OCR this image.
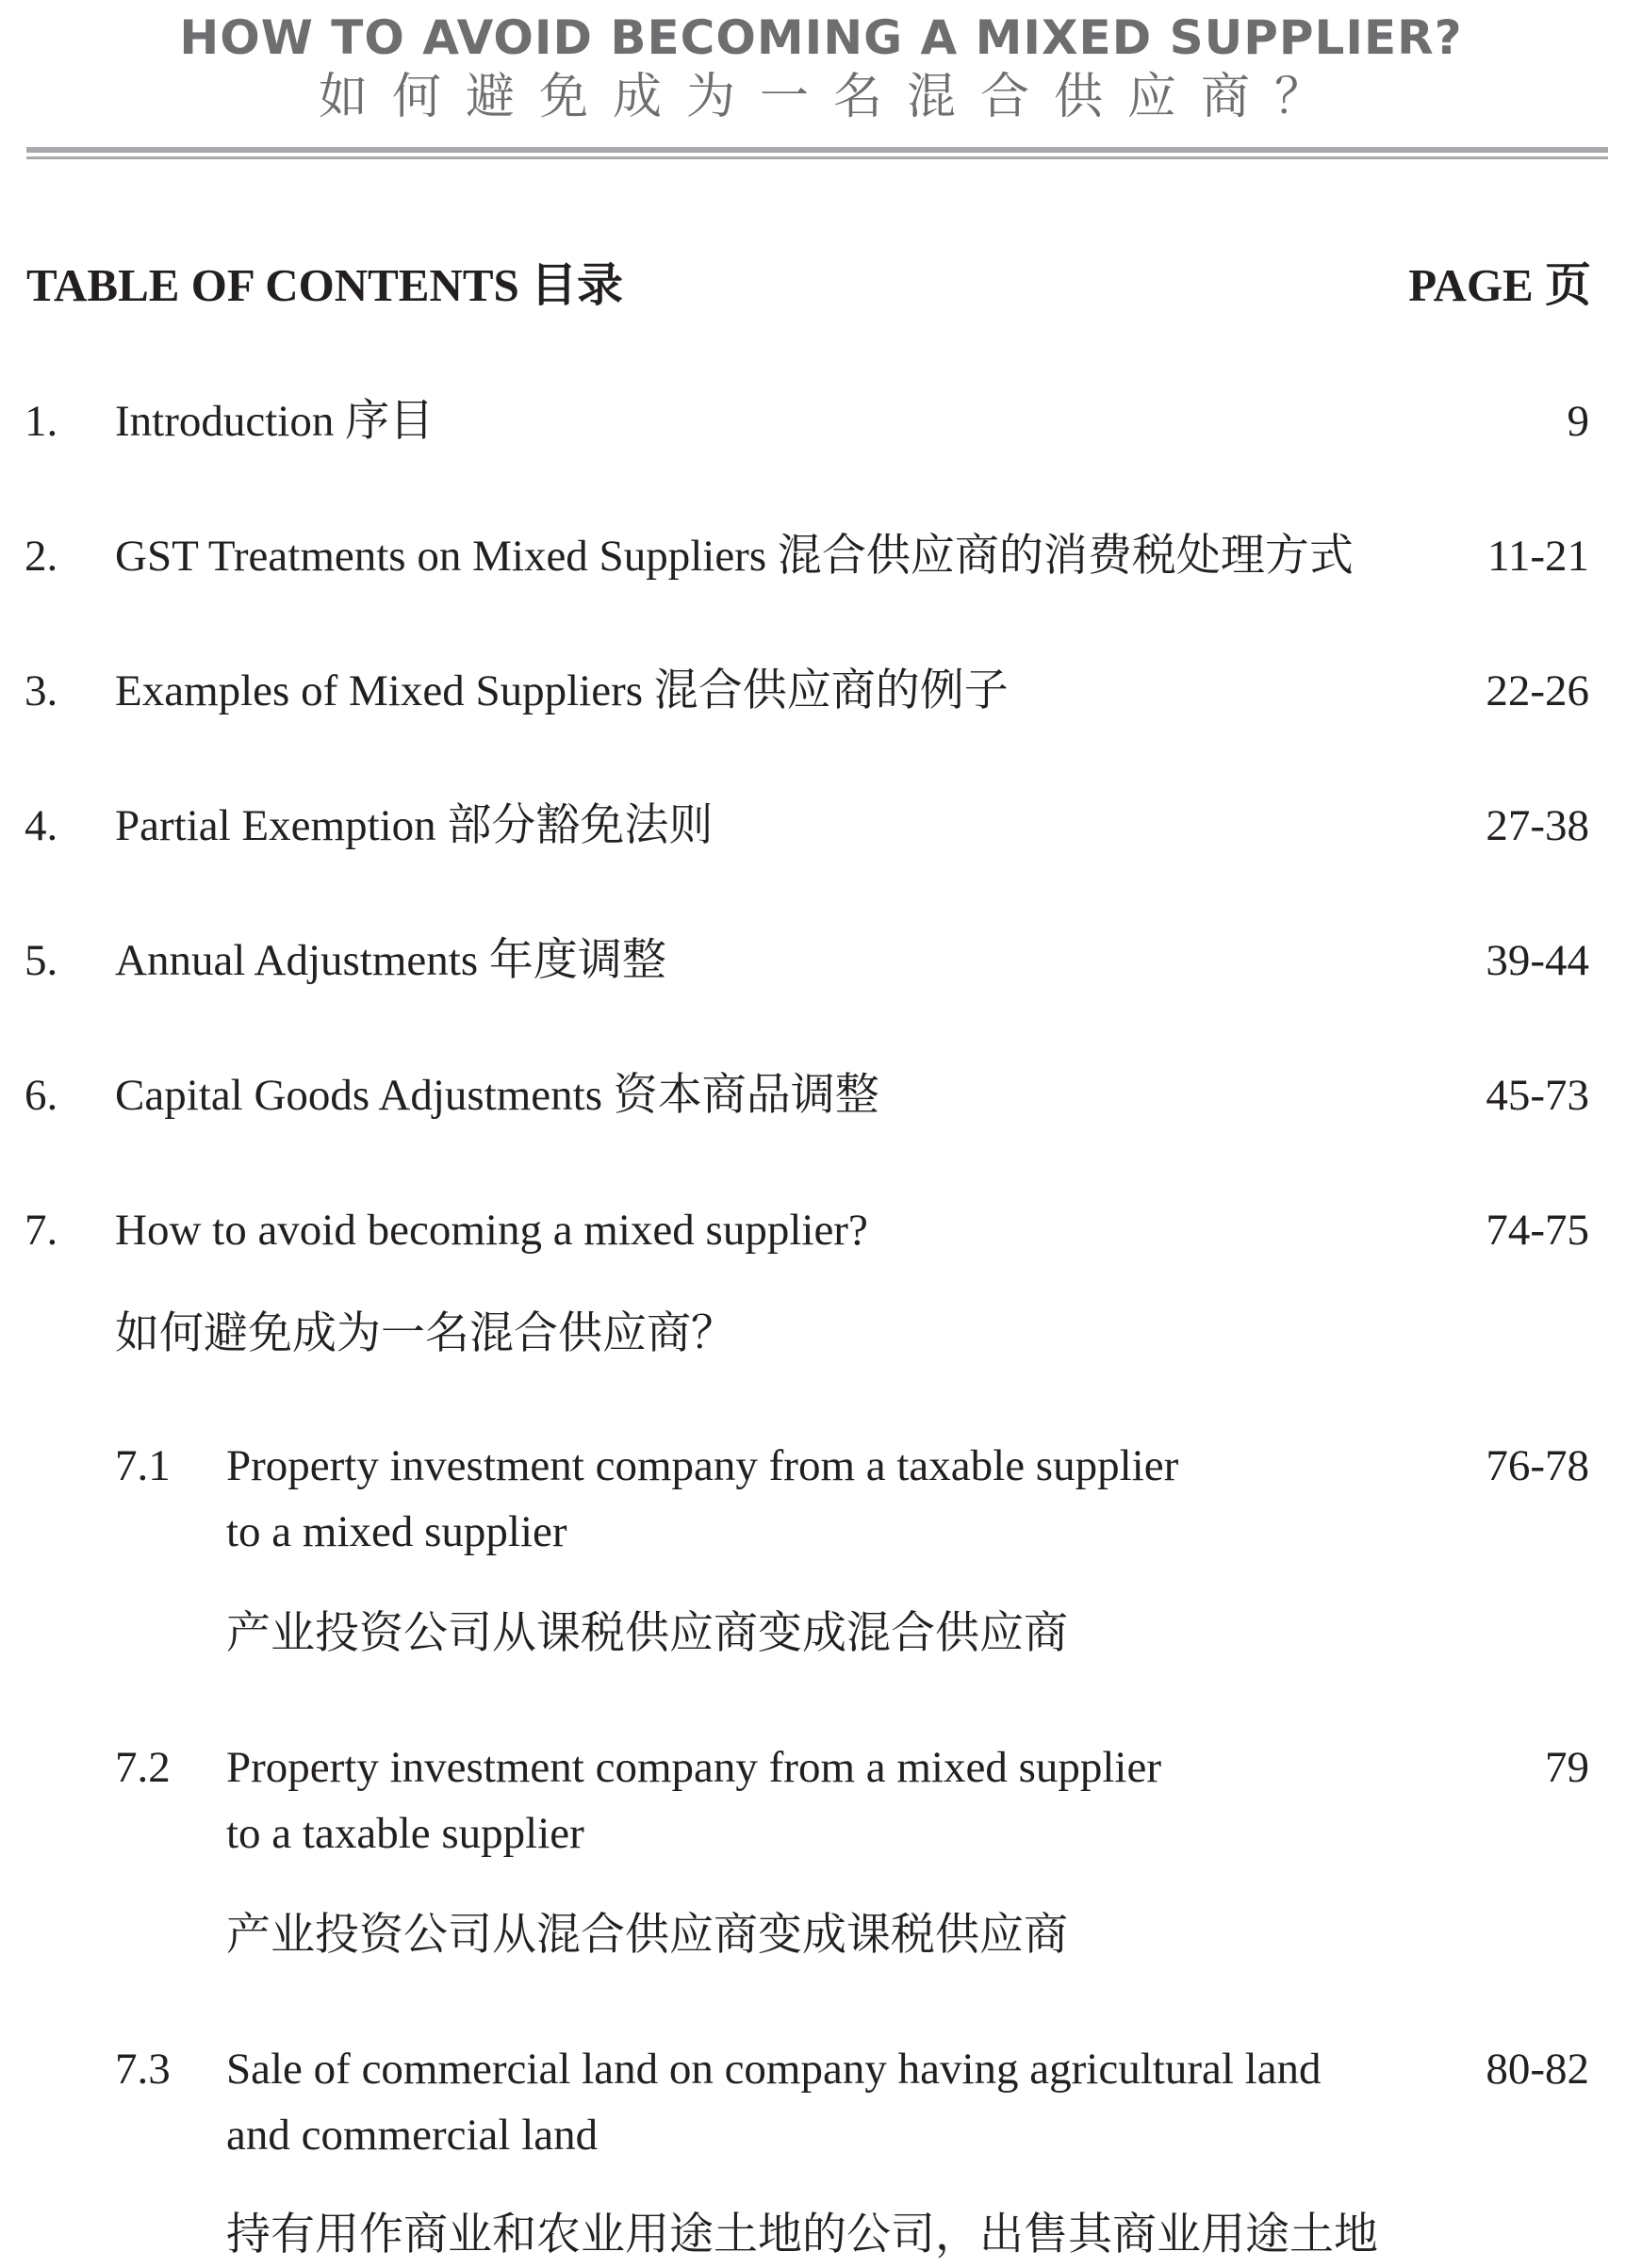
HOW TO AVOID BECOMING A MIXED SUPPLIER?
如何避免成为一名混合供应商？
TABLE OF CONTENTS 目录	PAGE 页
1. Introduction 序目	9
2. GST Treatments on Mixed Suppliers 混合供应商的消费税处理方式	11-21
3. Examples of Mixed Suppliers 混合供应商的例子	22-26
4. Partial Exemption 部分豁免法则	27-38
5. Annual Adjustments 年度调整	39-44
6. Capital Goods Adjustments 资本商品调整	45-73
7. How to avoid becoming a mixed supplier?	74-75
如何避免成为一名混合供应商？
7.1 Property investment company from a taxable supplier	76-78
to a mixed supplier
产业投资公司从课税供应商变成混合供应商
7.2 Property investment company from a mixed supplier	79
to a taxable supplier
产业投资公司从混合供应商变成课税供应商
7.3 Sale of commercial land on company having agricultural land	80-82
and commercial land
持有用作商业和农业用途土地的公司，出售其商业用途土地
